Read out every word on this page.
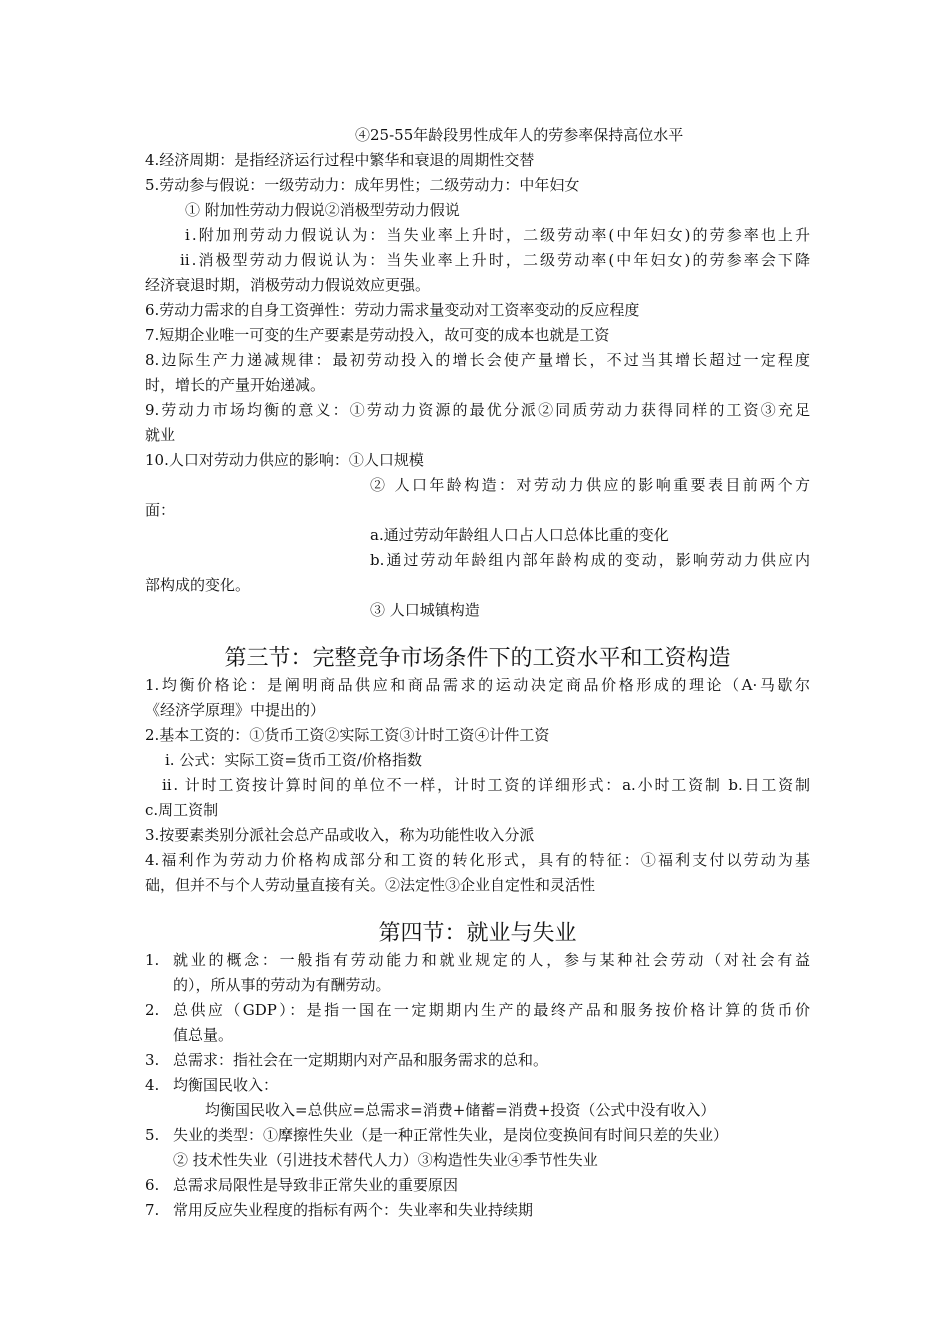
④25-55年龄段男性成年人的劳参率保持高位水平
4.经济周期：是指经济运行过程中繁华和衰退的周期性交替
5.劳动参与假说：一级劳动力：成年男性；二级劳动力：中年妇女
① 附加性劳动力假说②消极型劳动力假说
ⅰ.附加刑劳动力假说认为：当失业率上升时，二级劳动率(中年妇女)的劳参率也上升
ⅱ.消极型劳动力假说认为：当失业率上升时，二级劳动率(中年妇女)的劳参率会下降
经济衰退时期，消极劳动力假说效应更强。
6.劳动力需求的自身工资弹性：劳动力需求量变动对工资率变动的反应程度
7.短期企业唯一可变的生产要素是劳动投入，故可变的成本也就是工资
8.边际生产力递减规律：最初劳动投入的增长会使产量增长，不过当其增长超过一定程度
时，增长的产量开始递减。
9.劳动力市场均衡的意义：①劳动力资源的最优分派②同质劳动力获得同样的工资③充足
就业
10.人口对劳动力供应的影响：①人口规模
② 人口年龄构造：对劳动力供应的影响重要表目前两个方
面：
a.通过劳动年龄组人口占人口总体比重的变化
b.通过劳动年龄组内部年龄构成的变动，影响劳动力供应内
部构成的变化。
③ 人口城镇构造
第三节：完整竞争市场条件下的工资水平和工资构造
1.均衡价格论：是阐明商品供应和商品需求的运动决定商品价格形成的理论（A·马歇尔
《经济学原理》中提出的）
2.基本工资的：①货币工资②实际工资③计时工资④计件工资
ⅰ. 公式：实际工资=货币工资/价格指数
ⅱ. 计时工资按计算时间的单位不一样，计时工资的详细形式：a.小时工资制 b.日工资制
c.周工资制
3.按要素类别分派社会总产品或收入，称为功能性收入分派
4.福利作为劳动力价格构成部分和工资的转化形式，具有的特征：①福利支付以劳动为基
础，但并不与个人劳动量直接有关。②法定性③企业自定性和灵活性
第四节：就业与失业
1. 就业的概念：一般指有劳动能力和就业规定的人，参与某种社会劳动（对社会有益
的），所从事的劳动为有酬劳动。
2. 总供应（GDP）：是指一国在一定期期内生产的最终产品和服务按价格计算的货币价
值总量。
3. 总需求：指社会在一定期期内对产品和服务需求的总和。
4. 均衡国民收入：
均衡国民收入=总供应=总需求=消费+储蓄=消费+投资（公式中没有收入）
5. 失业的类型：①摩擦性失业（是一种正常性失业，是岗位变换间有时间只差的失业）
② 技术性失业（引进技术替代人力）③构造性失业④季节性失业
6. 总需求局限性是导致非正常失业的重要原因
7. 常用反应失业程度的指标有两个：失业率和失业持续期
